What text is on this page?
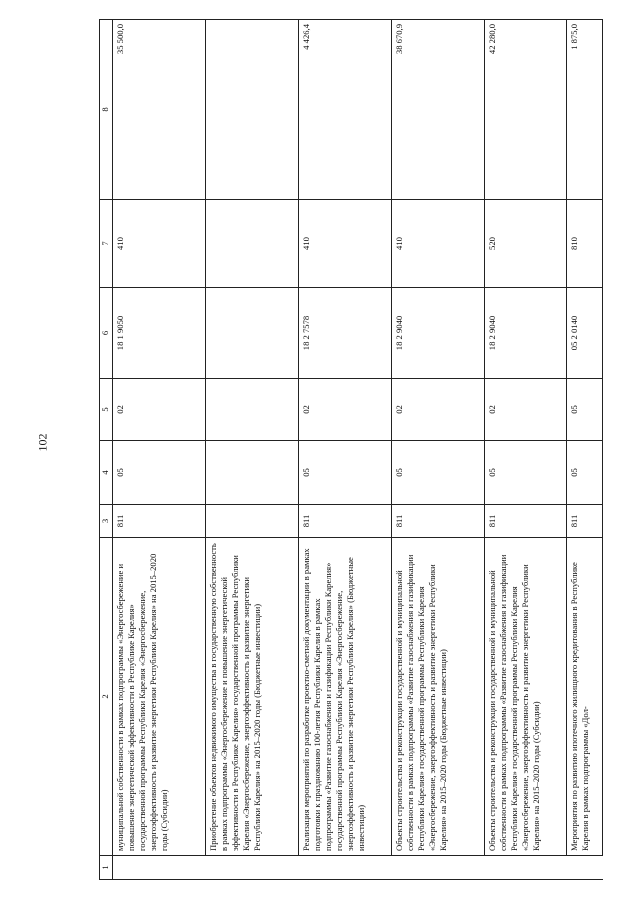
102
1	2	3	4	5	6	7	8
	муниципальной собственности в рамках подпрограммы «Энергосбережение и повышение энергетической эффективности в Республике Карелия» государственной программы Республики Карелия «Энергосбережение, энергоэффективность и развитие энергетики Республики Карелия» на 2015–2020 годы (Субсидии)	811	05	02	18 1 9050	410	35 500,0
	Приобретение объектов недвижимого имущества в государственную собственность в рамках подпрограммы «Энергосбережение и повышение энергетической эффективности в Республике Карелия» государственной программы Республики Карелия «Энергосбережение, энергоэффективность и развитие энергетики Республики Карелия» на 2015–2020 годы (Бюджетные инвестиции)						
	Реализация мероприятий по разработке проектно-сметной документации в рамках подготовки к празднованию 100-летия Республики Карелия в рамках подпрограммы «Развитие газоснабжения и газификации Республики Карелия» государственной программы Республики Карелия «Энергосбережение, энергоэффективность и развитие энергетики Республики Карелия» (Бюджетные инвестиции)	811	05	02	18 2 7578	410	4 426,4
	Объекты строительства и реконструкции государственной и муниципальной собственности в рамках подпрограммы «Развитие газоснабжения и газификации Республики Карелия» государственной программы Республики Карелия «Энергосбережение, энергоэффективность и развитие энергетики Республики Карелия» на 2015–2020 годы (Бюджетные инвестиции)	811	05	02	18 2 9040	410	38 670,9
	Объекты строительства и реконструкции государственной и муниципальной собственности в рамках подпрограммы «Развитие газоснабжения и газификации Республики Карелия» государственной программы Республики Карелия «Энергосбережение, энергоэффективность и развитие энергетики Республики Карелия» на 2015–2020 годы (Субсидии)	811	05	02	18 2 9040	520	42 280,0
	Мероприятия по развитию ипотечного жилищного кредитования в Республике Карелия в рамках подпрограммы «Дол-	811	05	05	05 2 0140	810	1 875,0
